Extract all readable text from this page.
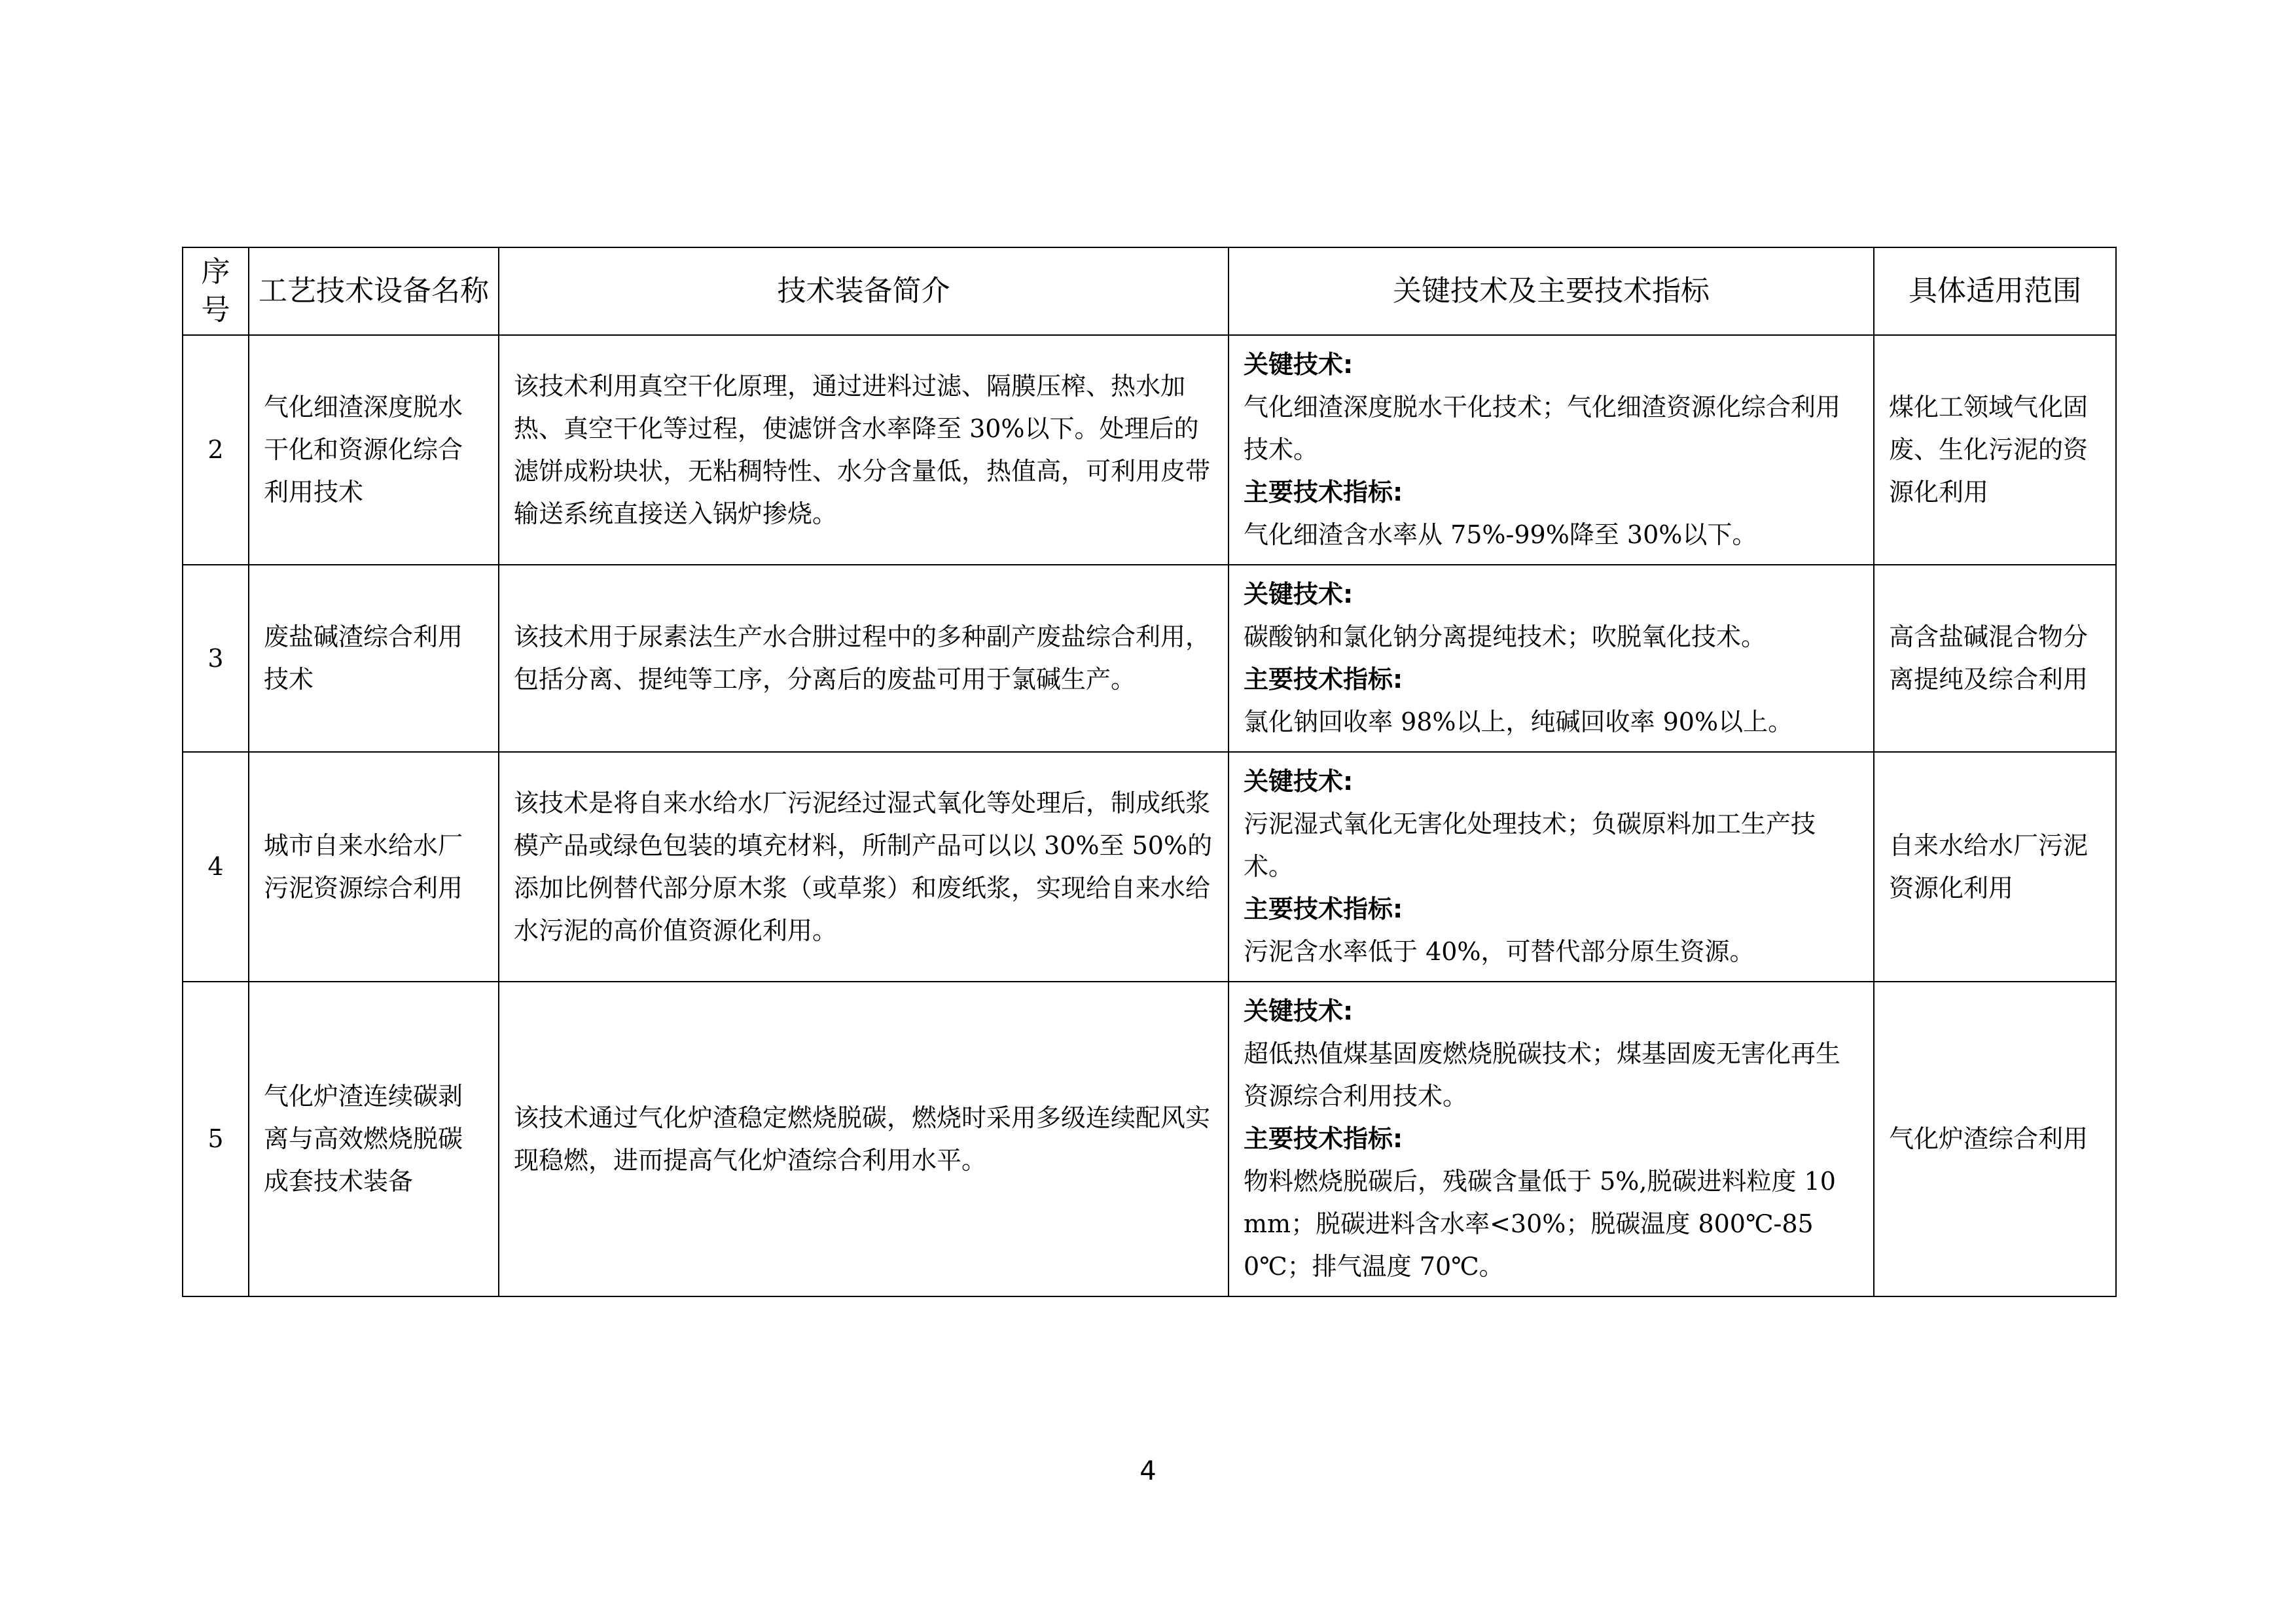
序号	工艺技术设备名称	技术装备简介	关键技术及主要技术指标	具体适用范围
2	气化细渣深度脱水干化和资源化综合利用技术	该技术利用真空干化原理，通过进料过滤、隔膜压榨、热水加热、真空干化等过程，使滤饼含水率降至 30%以下。处理后的滤饼成粉块状，无粘稠特性、水分含量低，热值高，可利用皮带输送系统直接送入锅炉掺烧。	关键技术:
气化细渣深度脱水干化技术；气化细渣资源化综合利用技术。
主要技术指标:
气化细渣含水率从 75%-99%降至 30%以下。	煤化工领域气化固废、生化污泥的资源化利用
3	废盐碱渣综合利用技术	该技术用于尿素法生产水合肼过程中的多种副产废盐综合利用，包括分离、提纯等工序，分离后的废盐可用于氯碱生产。	关键技术:
碳酸钠和氯化钠分离提纯技术；吹脱氧化技术。
主要技术指标:
氯化钠回收率 98%以上，纯碱回收率 90%以上。	高含盐碱混合物分离提纯及综合利用
4	城市自来水给水厂污泥资源综合利用	该技术是将自来水给水厂污泥经过湿式氧化等处理后，制成纸浆模产品或绿色包装的填充材料，所制产品可以以 30%至 50%的添加比例替代部分原木浆（或草浆）和废纸浆，实现给自来水给水污泥的高价值资源化利用。	关键技术:
污泥湿式氧化无害化处理技术；负碳原料加工生产技术。
主要技术指标:
污泥含水率低于 40%，可替代部分原生资源。	自来水给水厂污泥资源化利用
5	气化炉渣连续碳剥离与高效燃烧脱碳成套技术装备	该技术通过气化炉渣稳定燃烧脱碳，燃烧时采用多级连续配风实现稳燃，进而提高气化炉渣综合利用水平。	关键技术:
超低热值煤基固废燃烧脱碳技术；煤基固废无害化再生资源综合利用技术。
主要技术指标:
物料燃烧脱碳后，残碳含量低于 5%,脱碳进料粒度 10mm；脱碳进料含水率<30%；脱碳温度 800℃-850℃；排气温度 70℃。	气化炉渣综合利用
4
